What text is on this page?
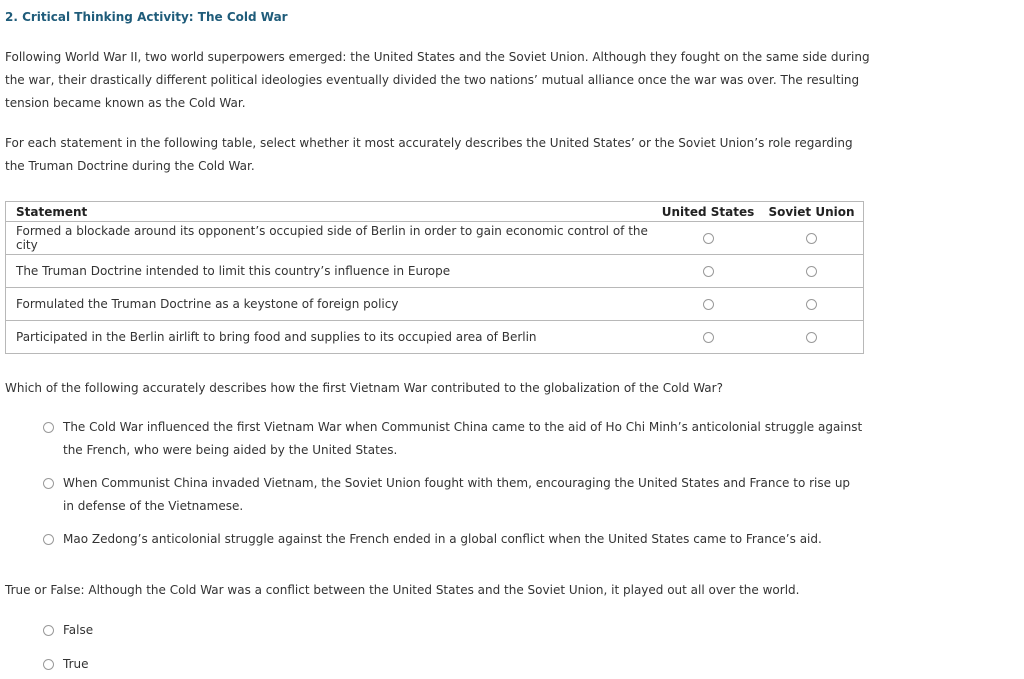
2. Critical Thinking Activity: The Cold War
Following World War II, two world superpowers emerged: the United States and the Soviet Union. Although they fought on the same side during the war, their drastically different political ideologies eventually divided the two nations’ mutual alliance once the war was over. The resulting tension became known as the Cold War.
For each statement in the following table, select whether it most accurately describes the United States’ or the Soviet Union’s role regarding the Truman Doctrine during the Cold War.
Statement	United States	Soviet Union
Formed a blockade around its opponent’s occupied side of Berlin in order to gain economic control of the city		
The Truman Doctrine intended to limit this country’s influence in Europe		
Formulated the Truman Doctrine as a keystone of foreign policy		
Participated in the Berlin airlift to bring food and supplies to its occupied area of Berlin		
Which of the following accurately describes how the first Vietnam War contributed to the globalization of the Cold War?
The Cold War influenced the first Vietnam War when Communist China came to the aid of Ho Chi Minh’s anticolonial struggle against the French, who were being aided by the United States.
When Communist China invaded Vietnam, the Soviet Union fought with them, encouraging the United States and France to rise up in defense of the Vietnamese.
Mao Zedong’s anticolonial struggle against the French ended in a global conflict when the United States came to France’s aid.
True or False: Although the Cold War was a conflict between the United States and the Soviet Union, it played out all over the world.
False
True
